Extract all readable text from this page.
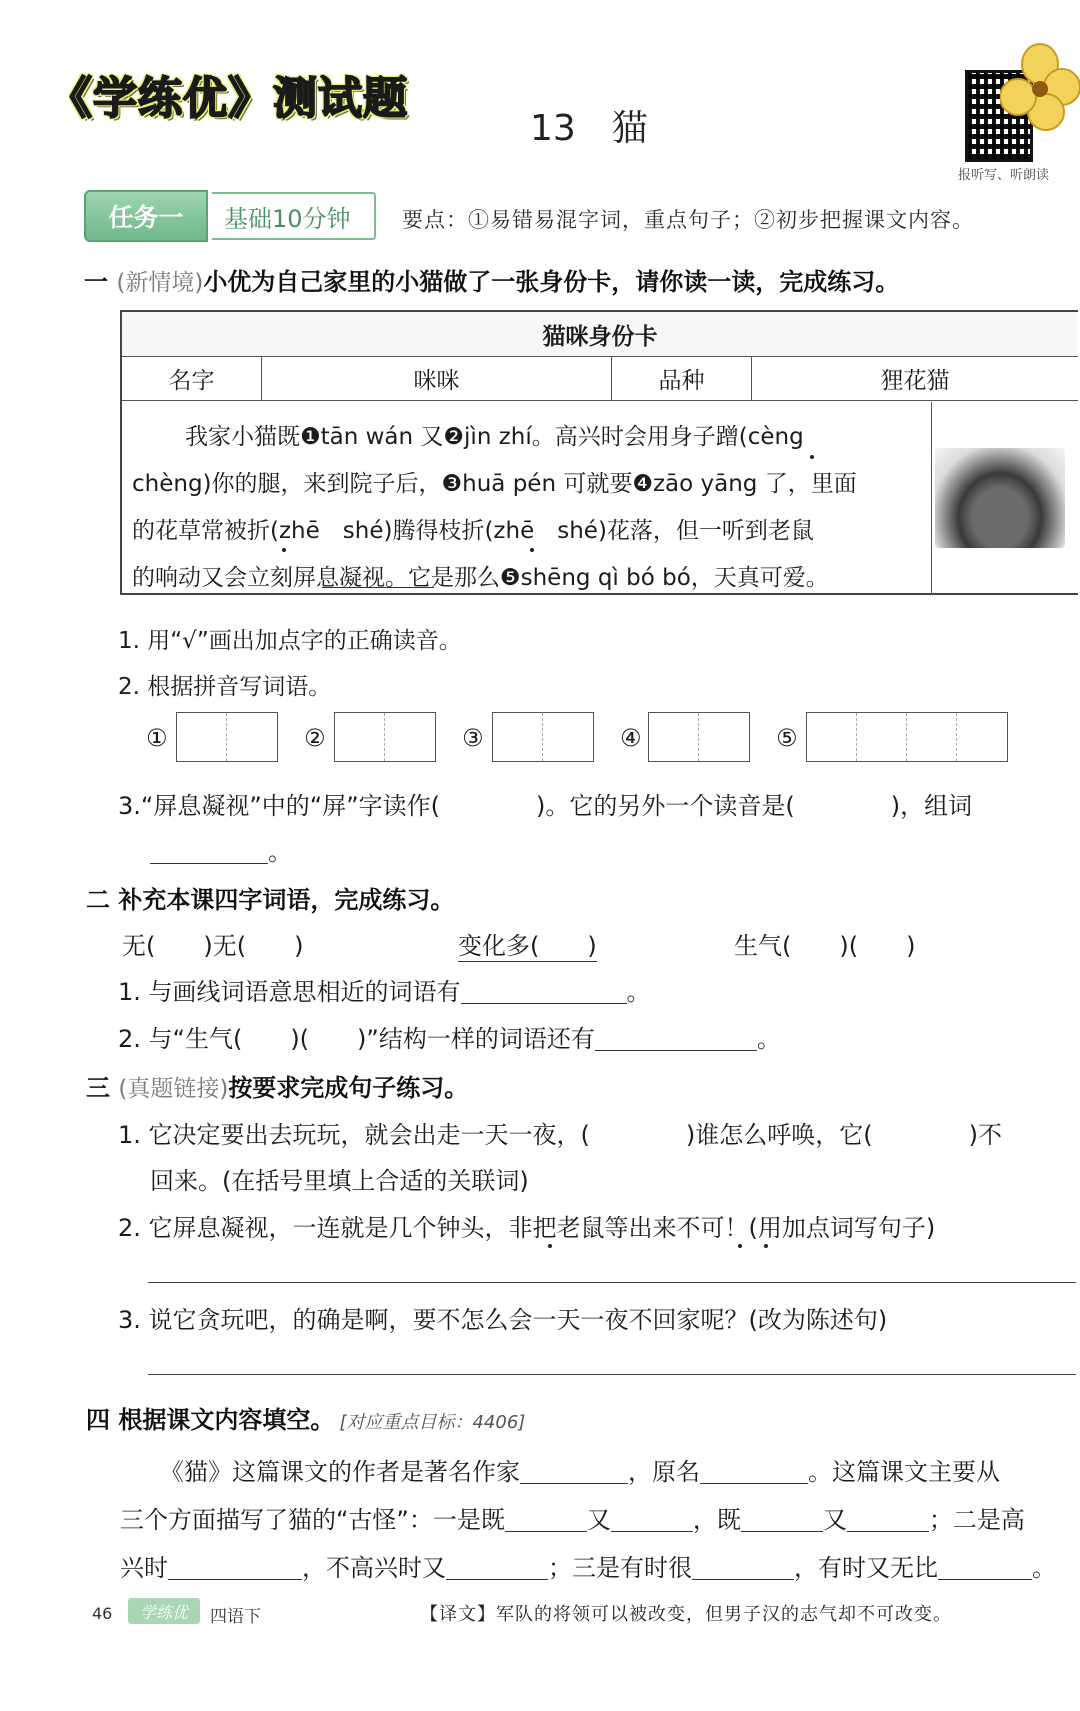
《学练优》测试题
13　猫
报听写、听朗读
任务一	基础10分钟	要点：①易错易混字词，重点句子；②初步把握课文内容。
一 (新情境)小优为自己家里的小猫做了一张身份卡，请你读一读，完成练习。
猫咪身份卡
名字	咪咪	品种	狸花猫
我家小猫既❶tān wán 又❷jìn zhí。高兴时会用身子蹭(cèng
chèng)你的腿，来到院子后，❸huā pén 可就要❹zāo yāng 了，里面
的花草常被折(zhē　shé)腾得枝折(zhē　shé)花落，但一听到老鼠
的响动又会立刻屏息凝视。它是那么❺shēng qì bó bó，天真可爱。
1. 用“√”画出加点字的正确读音。
2. 根据拼音写词语。
①	②	③	④	⑤
3.“屏息凝视”中的“屏”字读作(　　　　)。它的另外一个读音是(　　　　)，组词
。
二 补充本课四字词语，完成练习。
无(　　)无(　　)	变化多(　　)	生气(　　)(　　)
1. 与画线词语意思相近的词语有	。
2. 与“生气(　　)(　　)”结构一样的词语还有	。
三 (真题链接)按要求完成句子练习。
1. 它决定要出去玩玩，就会出走一天一夜，(　　　　)谁怎么呼唤，它(　　　　)不
回来。(在括号里填上合适的关联词)
2. 它屏息凝视，一连就是几个钟头，非把老鼠等出来不可！(用加点词写句子)
3. 说它贪玩吧，的确是啊，要不怎么会一天一夜不回家呢？(改为陈述句)
四 根据课文内容填空。 [对应重点目标：4406]
《猫》这篇课文的作者是著名作家	，原名	。这篇课文主要从
三个方面描写了猫的“古怪”：一是既	又	，既	又	；二是高
兴时	，不高兴时又	；三是有时很	，有时又无比	。
46	学练优	四语下	【译文】军队的将领可以被改变，但男子汉的志气却不可改变。
